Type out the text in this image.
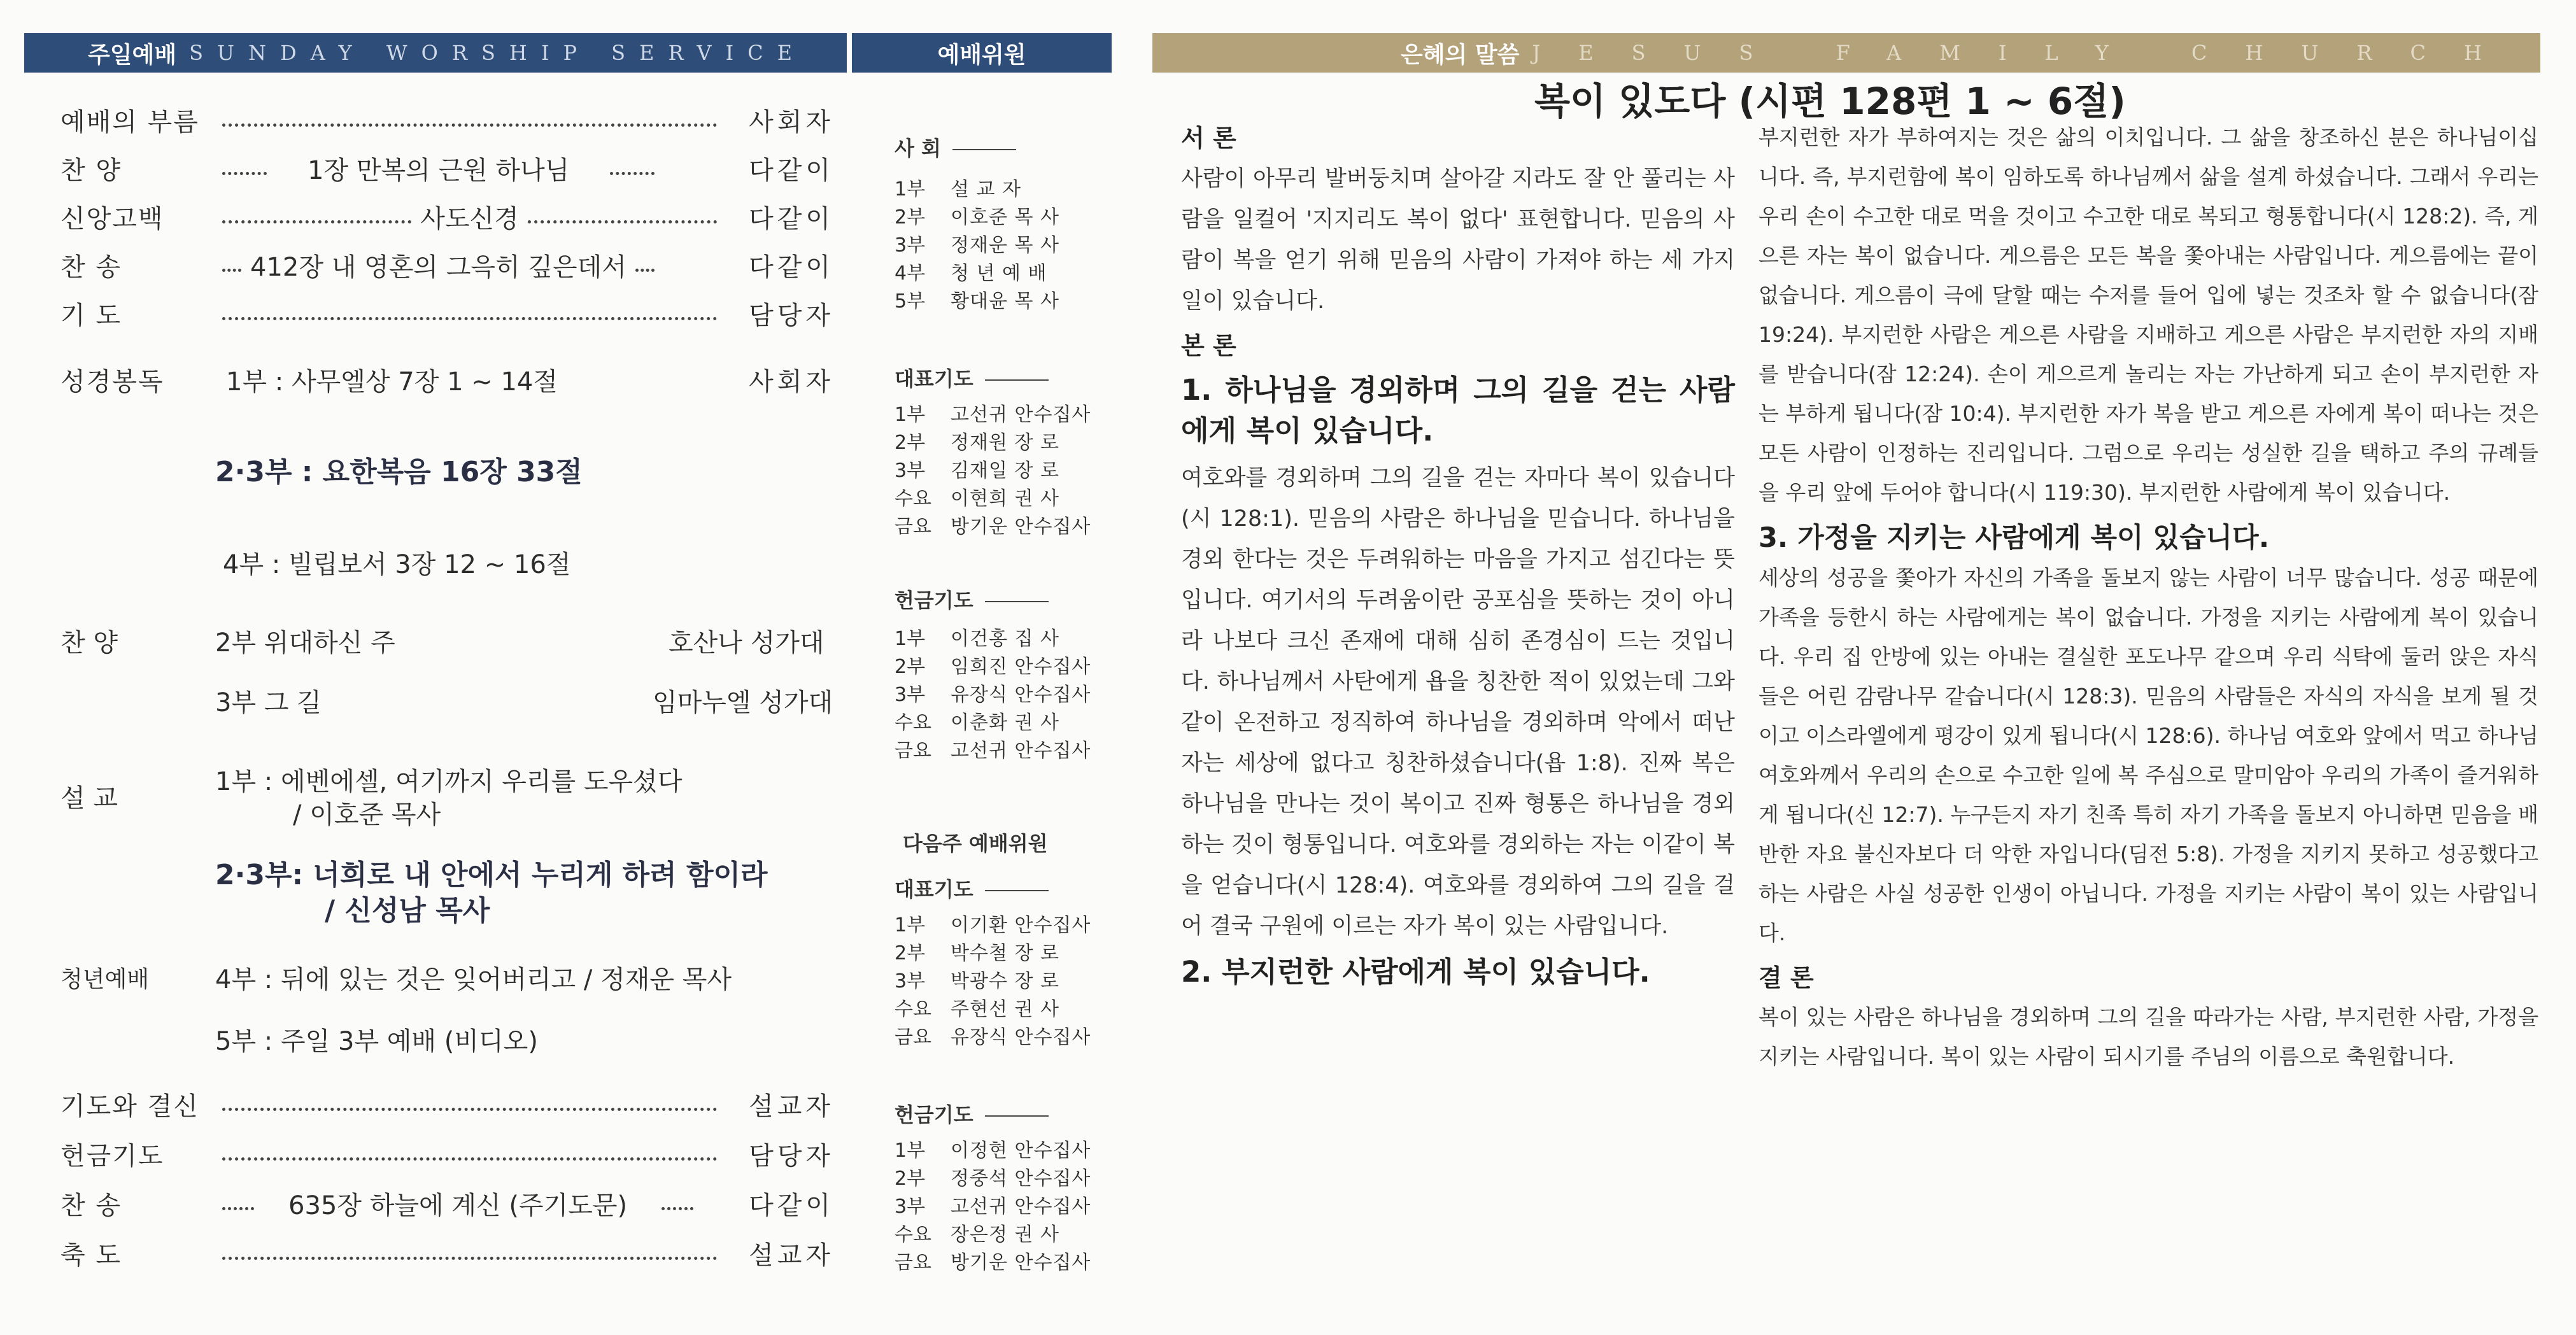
주일예배 SUNDAY WORSHIP SERVICE	예배위원	은혜의 말씀 JESUS FAMILY CHURCH
예배의 부름	사회자
찬 양	1장 만복의 근원 하나님	다같이
신앙고백	사도신경	다같이
찬 송	412장 내 영혼의 그윽히 깊은데서	다같이
기 도	담당자
성경봉독	1부 : 사무엘상 7장 1 ~ 14절	사회자
2·3부 : 요한복음 16장 33절
4부 : 빌립보서 3장 12 ~ 16절
찬 양	2부 위대하신 주	호산나 성가대
3부 그 길	임마누엘 성가대
설 교
1부 : 에벤에셀, 여기까지 우리를 도우셨다
/ 이호준 목사
2·3부: 너희로 내 안에서 누리게 하려 함이라
/ 신성남 목사
청년예배	4부 : 뒤에 있는 것은 잊어버리고 / 정재운 목사
5부 : 주일 3부 예배 (비디오)
기도와 결신	설교자
헌금기도	담당자
찬 송	635장 하늘에 계신 (주기도문)	다같이
축 도	설교자
사 회
1부	설 교 자
2부	이호준 목 사
3부	정재운 목 사
4부	청 년 예 배
5부	황대윤 목 사
대표기도
1부	고선귀 안수집사
2부	정재원 장 로
3부	김재일 장 로
수요	이현희 권 사
금요	방기운 안수집사
헌금기도
1부	이건홍 집 사
2부	임희진 안수집사
3부	유장식 안수집사
수요	이춘화 권 사
금요	고선귀 안수집사
다음주 예배위원
대표기도
1부	이기환 안수집사
2부	박수철 장 로
3부	박광수 장 로
수요	주현선 권 사
금요	유장식 안수집사
헌금기도
1부	이정현 안수집사
2부	정중석 안수집사
3부	고선귀 안수집사
수요	장은정 권 사
금요	방기운 안수집사
복이 있도다 (시편 128편 1 ~ 6절)
서 론

사람이 아무리 발버둥치며 살아갈 지라도 잘 안 풀리는 사람을 일컬어 '지지리도 복이 없다' 표현합니다. 믿음의 사람이 복을 얻기 위해 믿음의 사람이 가져야 하는 세 가지 일이 있습니다.

본 론
1. 하나님을 경외하며 그의 길을 걷는 사람에게 복이 있습니다.

여호와를 경외하며 그의 길을 걷는 자마다 복이 있습니다(시 128:1). 믿음의 사람은 하나님을 믿습니다. 하나님을 경외 한다는 것은 두려워하는 마음을 가지고 섬긴다는 뜻입니다. 여기서의 두려움이란 공포심을 뜻하는 것이 아니라 나보다 크신 존재에 대해 심히 존경심이 드는 것입니다. 하나님께서 사탄에게 욥을 칭찬한 적이 있었는데 그와 같이 온전하고 정직하여 하나님을 경외하며 악에서 떠난 자는 세상에 없다고 칭찬하셨습니다(욥 1:8). 진짜 복은 하나님을 만나는 것이 복이고 진짜 형통은 하나님을 경외하는 것이 형통입니다. 여호와를 경외하는 자는 이같이 복을 얻습니다(시 128:4). 여호와를 경외하여 그의 길을 걸어 결국 구원에 이르는 자가 복이 있는 사람입니다.

2. 부지런한 사람에게 복이 있습니다.

부지런한 자가 부하여지는 것은 삶의 이치입니다. 그 삶을 창조하신 분은 하나님이십니다. 즉, 부지런함에 복이 임하도록 하나님께서 삶을 설계 하셨습니다. 그래서 우리는 우리 손이 수고한 대로 먹을 것이고 수고한 대로 복되고 형통합니다(시 128:2). 즉, 게으른 자는 복이 없습니다. 게으름은 모든 복을 쫓아내는 사람입니다. 게으름에는 끝이 없습니다. 게으름이 극에 달할 때는 수저를 들어 입에 넣는 것조차 할 수 없습니다(잠 19:24). 부지런한 사람은 게으른 사람을 지배하고 게으른 사람은 부지런한 자의 지배를 받습니다(잠 12:24). 손이 게으르게 놀리는 자는 가난하게 되고 손이 부지런한 자는 부하게 됩니다(잠 10:4). 부지런한 자가 복을 받고 게으른 자에게 복이 떠나는 것은 모든 사람이 인정하는 진리입니다. 그럼으로 우리는 성실한 길을 택하고 주의 규례들을 우리 앞에 두어야 합니다(시 119:30). 부지런한 사람에게 복이 있습니다.

3. 가정을 지키는 사람에게 복이 있습니다.

세상의 성공을 쫓아가 자신의 가족을 돌보지 않는 사람이 너무 많습니다. 성공 때문에 가족을 등한시 하는 사람에게는 복이 없습니다. 가정을 지키는 사람에게 복이 있습니다. 우리 집 안방에 있는 아내는 결실한 포도나무 같으며 우리 식탁에 둘러 앉은 자식들은 어린 감람나무 같습니다(시 128:3). 믿음의 사람들은 자식의 자식을 보게 될 것이고 이스라엘에게 평강이 있게 됩니다(시 128:6). 하나님 여호와 앞에서 먹고 하나님 여호와께서 우리의 손으로 수고한 일에 복 주심으로 말미암아 우리의 가족이 즐거워하게 됩니다(신 12:7). 누구든지 자기 친족 특히 자기 가족을 돌보지 아니하면 믿음을 배반한 자요 불신자보다 더 악한 자입니다(딤전 5:8). 가정을 지키지 못하고 성공했다고 하는 사람은 사실 성공한 인생이 아닙니다. 가정을 지키는 사람이 복이 있는 사람입니다.

결 론

복이 있는 사람은 하나님을 경외하며 그의 길을 따라가는 사람, 부지런한 사람, 가정을 지키는 사람입니다. 복이 있는 사람이 되시기를 주님의 이름으로 축원합니다.
